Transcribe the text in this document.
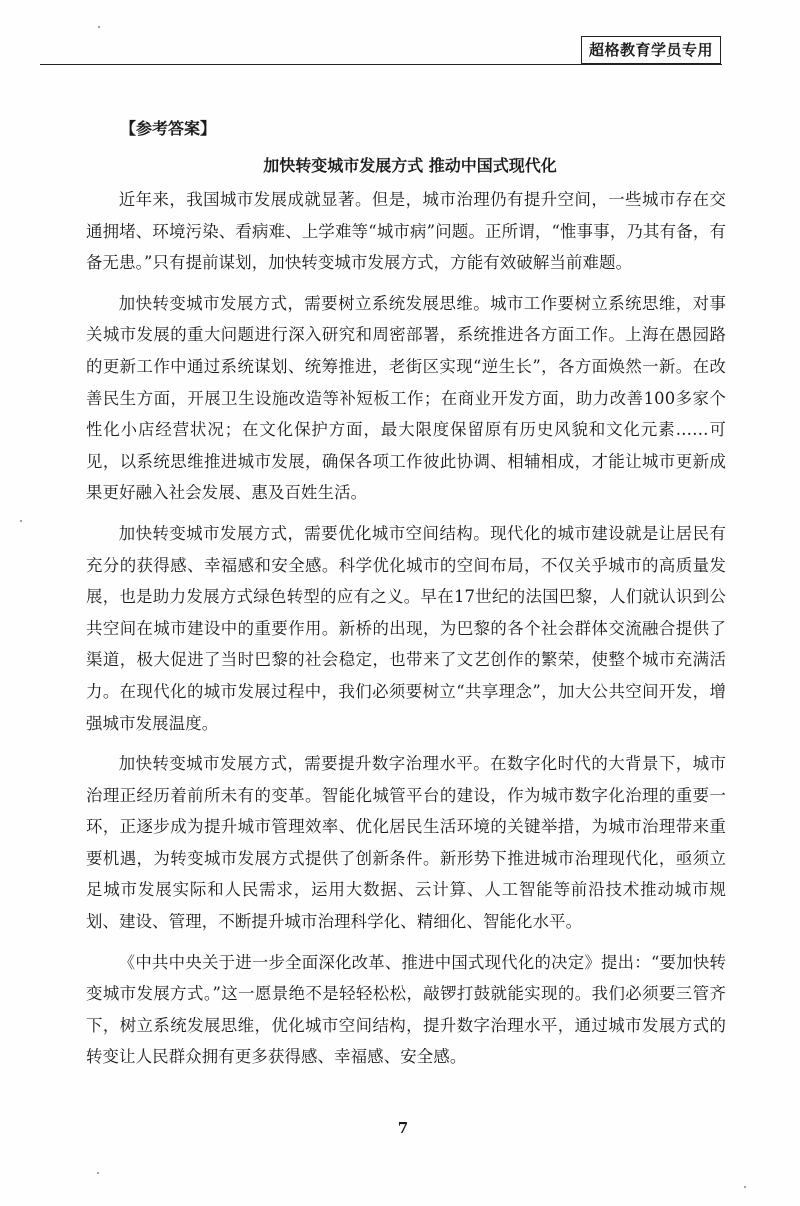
超格教育学员专用
【参考答案】
加快转变城市发展方式 推动中国式现代化

近年来，我国城市发展成就显著。但是，城市治理仍有提升空间，一些城市存在交通拥堵、环境污染、看病难、上学难等“城市病”问题。正所谓，“惟事事，乃其有备，有备无患。”只有提前谋划，加快转变城市发展方式，方能有效破解当前难题。

加快转变城市发展方式，需要树立系统发展思维。城市工作要树立系统思维，对事关城市发展的重大问题进行深入研究和周密部署，系统推进各方面工作。上海在愚园路的更新工作中通过系统谋划、统筹推进，老街区实现“逆生长”，各方面焕然一新。在改善民生方面，开展卫生设施改造等补短板工作；在商业开发方面，助力改善100多家个性化小店经营状况；在文化保护方面，最大限度保留原有历史风貌和文化元素……可见，以系统思维推进城市发展，确保各项工作彼此协调、相辅相成，才能让城市更新成果更好融入社会发展、惠及百姓生活。

加快转变城市发展方式，需要优化城市空间结构。现代化的城市建设就是让居民有充分的获得感、幸福感和安全感。科学优化城市的空间布局，不仅关乎城市的高质量发展，也是助力发展方式绿色转型的应有之义。早在17世纪的法国巴黎，人们就认识到公共空间在城市建设中的重要作用。新桥的出现，为巴黎的各个社会群体交流融合提供了渠道，极大促进了当时巴黎的社会稳定，也带来了文艺创作的繁荣，使整个城市充满活力。在现代化的城市发展过程中，我们必须要树立“共享理念”，加大公共空间开发，增强城市发展温度。

加快转变城市发展方式，需要提升数字治理水平。在数字化时代的大背景下，城市治理正经历着前所未有的变革。智能化城管平台的建设，作为城市数字化治理的重要一环，正逐步成为提升城市管理效率、优化居民生活环境的关键举措，为城市治理带来重要机遇，为转变城市发展方式提供了创新条件。新形势下推进城市治理现代化，亟须立足城市发展实际和人民需求，运用大数据、云计算、人工智能等前沿技术推动城市规划、建设、管理，不断提升城市治理科学化、精细化、智能化水平。

《中共中央关于进一步全面深化改革、推进中国式现代化的决定》提出：“要加快转变城市发展方式。”这一愿景绝不是轻轻松松，敲锣打鼓就能实现的。我们必须要三管齐下，树立系统发展思维，优化城市空间结构，提升数字治理水平，通过城市发展方式的转变让人民群众拥有更多获得感、幸福感、安全感。

7
